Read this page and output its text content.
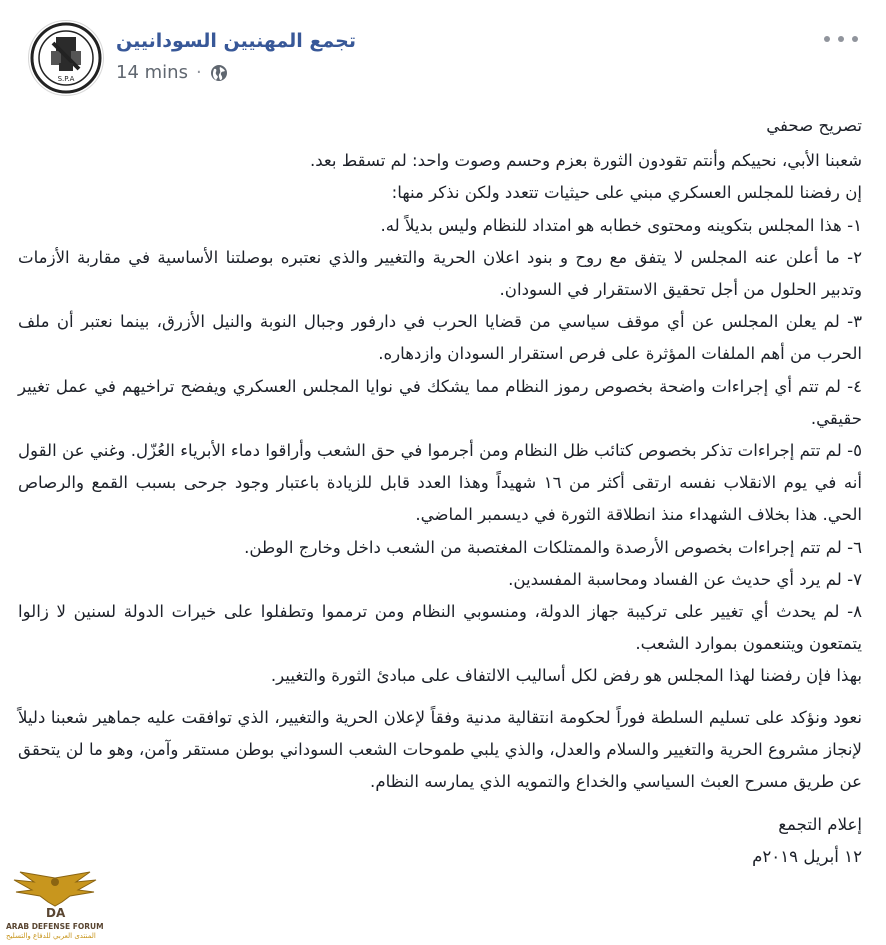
S.P.A
تجمع المهنيين السودانيين
14 mins ·

تصريح صحفي

شعبنا الأبي، نحييكم وأنتم تقودون الثورة بعزم وحسم وصوت واحد: لم تسقط بعد.

إن رفضنا للمجلس العسكري مبني على حيثيات تتعدد ولكن نذكر منها:

١- هذا المجلس بتكوينه ومحتوى خطابه هو امتداد للنظام وليس بديلاً له.

٢- ما أعلن عنه المجلس لا يتفق مع روح و بنود اعلان الحرية والتغيير والذي نعتبره بوصلتنا الأساسية في مقاربة الأزمات وتدبير الحلول من أجل تحقيق الاستقرار في السودان.

٣- لم يعلن المجلس عن أي موقف سياسي من قضايا الحرب في دارفور وجبال النوبة والنيل الأزرق، بينما نعتبر أن ملف الحرب من أهم الملفات المؤثرة على فرص استقرار السودان وازدهاره.

٤- لم تتم أي إجراءات واضحة بخصوص رموز النظام مما يشكك في نوايا المجلس العسكري ويفضح تراخيهم في عمل تغيير حقيقي.

٥- لم تتم إجراءات تذكر بخصوص كتائب ظل النظام ومن أجرموا في حق الشعب وأراقوا دماء الأبرياء العُزّل. وغني عن القول أنه في يوم الانقلاب نفسه ارتقى أكثر من ١٦ شهيداً وهذا العدد قابل للزيادة باعتبار وجود جرحى بسبب القمع والرصاص الحي. هذا بخلاف الشهداء منذ انطلاقة الثورة في ديسمبر الماضي.

٦- لم تتم إجراءات بخصوص الأرصدة والممتلكات المغتصبة من الشعب داخل وخارج الوطن.

٧- لم يرد أي حديث عن الفساد ومحاسبة المفسدين.

٨- لم يحدث أي تغيير على تركيبة جهاز الدولة، ومنسوبي النظام ومن ترمموا وتطفلوا على خيرات الدولة لسنين لا زالوا يتمتعون ويتنعمون بموارد الشعب.

بهذا فإن رفضنا لهذا المجلس هو رفض لكل أساليب الالتفاف على مبادئ الثورة والتغيير.

نعود ونؤكد على تسليم السلطة فوراً لحكومة انتقالية مدنية وفقاً لإعلان الحرية والتغيير، الذي توافقت عليه جماهير شعبنا دليلاً لإنجاز مشروع الحرية والتغيير والسلام والعدل، والذي يلبي طموحات الشعب السوداني بوطن مستقر وآمن، وهو ما لن يتحقق عن طريق مسرح العبث السياسي والخداع والتمويه الذي يمارسه النظام.

إعلام التجمع

١٢ أبريل ٢٠١٩م

DA
ARAB DEFENSE FORUM
المنتدى العربي للدفاع والتسليح
